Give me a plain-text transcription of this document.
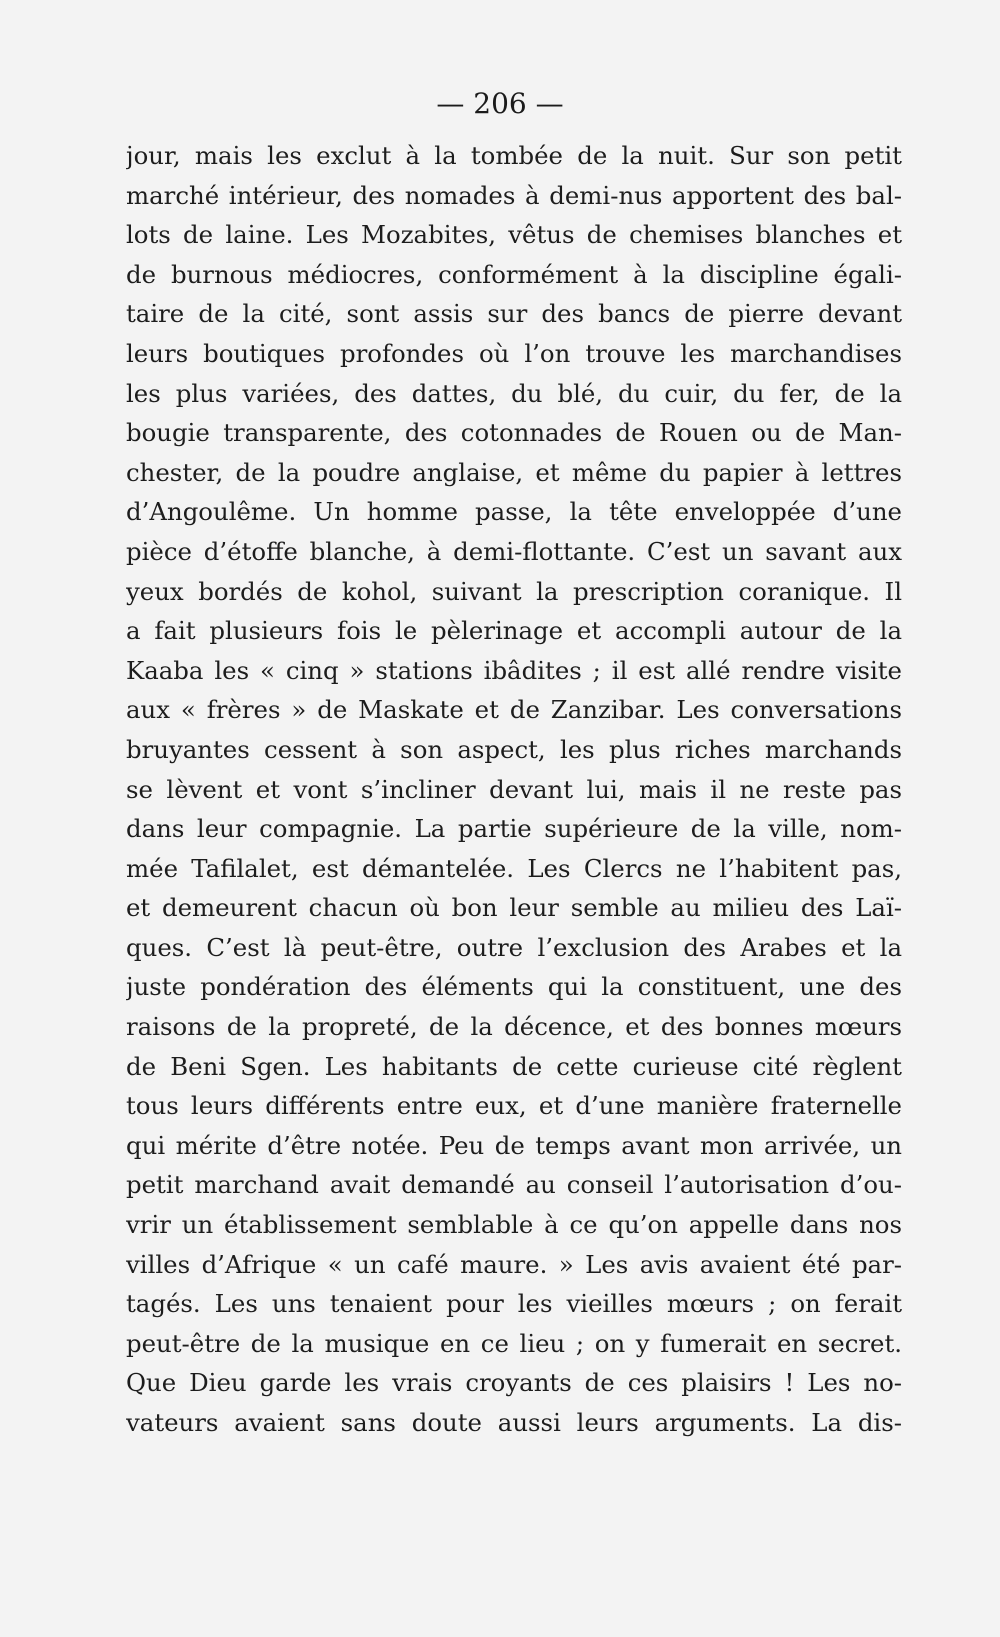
— 206 —
jour, mais les exclut à la tombée de la nuit. Sur son petit
marché intérieur, des nomades à demi-nus apportent des bal-
lots de laine. Les Mozabites, vêtus de chemises blanches et
de burnous médiocres, conformément à la discipline égali-
taire de la cité, sont assis sur des bancs de pierre devant
leurs boutiques profondes où l’on trouve les marchandises
les plus variées, des dattes, du blé, du cuir, du fer, de la
bougie transparente, des cotonnades de Rouen ou de Man-
chester, de la poudre anglaise, et même du papier à lettres
d’Angoulême. Un homme passe, la tête enveloppée d’une
pièce d’étoffe blanche, à demi-flottante. C’est un savant aux
yeux bordés de kohol, suivant la prescription coranique. Il
a fait plusieurs fois le pèlerinage et accompli autour de la
Kaaba les « cinq » stations ibâdites ; il est allé rendre visite
aux « frères » de Maskate et de Zanzibar. Les conversations
bruyantes cessent à son aspect, les plus riches marchands
se lèvent et vont s’incliner devant lui, mais il ne reste pas
dans leur compagnie. La partie supérieure de la ville, nom-
mée Tafilalet, est démantelée. Les Clercs ne l’habitent pas,
et demeurent chacun où bon leur semble au milieu des Laï-
ques. C’est là peut-être, outre l’exclusion des Arabes et la
juste pondération des éléments qui la constituent, une des
raisons de la propreté, de la décence, et des bonnes mœurs
de Beni Sgen. Les habitants de cette curieuse cité règlent
tous leurs différents entre eux, et d’une manière fraternelle
qui mérite d’être notée. Peu de temps avant mon arrivée, un
petit marchand avait demandé au conseil l’autorisation d’ou-
vrir un établissement semblable à ce qu’on appelle dans nos
villes d’Afrique « un café maure. » Les avis avaient été par-
tagés. Les uns tenaient pour les vieilles mœurs ; on ferait
peut-être de la musique en ce lieu ; on y fumerait en secret.
Que Dieu garde les vrais croyants de ces plaisirs ! Les no-
vateurs avaient sans doute aussi leurs arguments. La dis-
